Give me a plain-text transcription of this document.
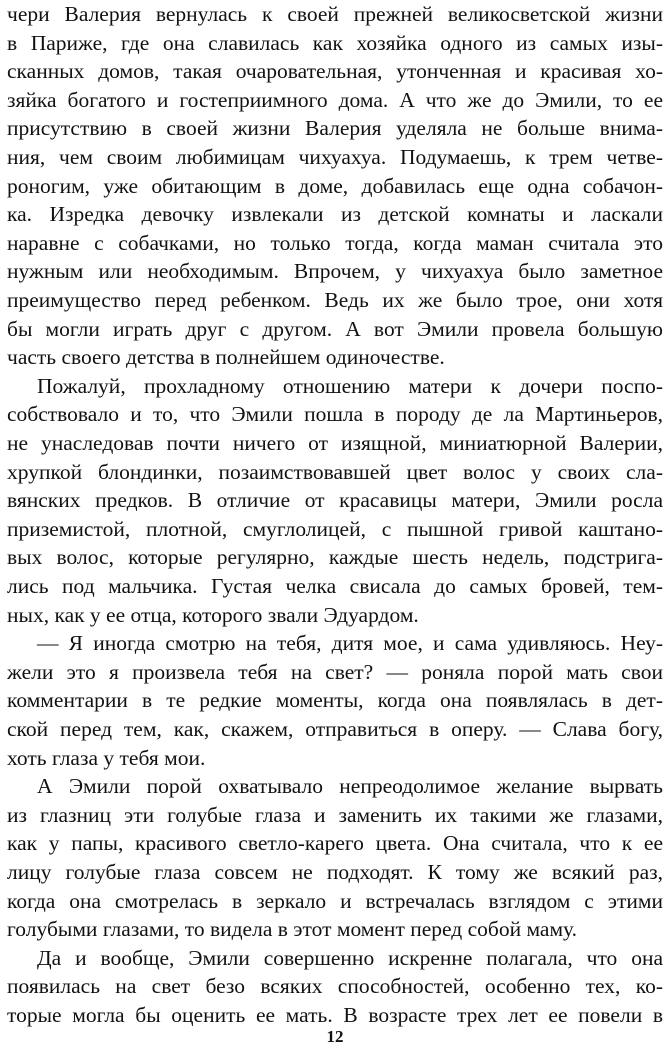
чери Валерия вернулась к своей прежней великосветской жизни
в Париже, где она славилась как хозяйка одного из самых изы-
сканных домов, такая очаровательная, утонченная и красивая хо-
зяйка богатого и гостеприимного дома. А что же до Эмили, то ее
присутствию в своей жизни Валерия уделяла не больше внима-
ния, чем своим любимицам чихуахуа. Подумаешь, к трем четве-
роногим, уже обитающим в доме, добавилась еще одна собачон-
ка. Изредка девочку извлекали из детской комнаты и ласкали
наравне с собачками, но только тогда, когда маман считала это
нужным или необходимым. Впрочем, у чихуахуа было заметное
преимущество перед ребенком. Ведь их же было трое, они хотя
бы могли играть друг с другом. А вот Эмили провела большую
часть своего детства в полнейшем одиночестве.
Пожалуй, прохладному отношению матери к дочери поспо-
собствовало и то, что Эмили пошла в породу де ла Мартиньеров,
не унаследовав почти ничего от изящной, миниатюрной Валерии,
хрупкой блондинки, позаимствовавшей цвет волос у своих сла-
вянских предков. В отличие от красавицы матери, Эмили росла
приземистой, плотной, смуглолицей, с пышной гривой каштано-
вых волос, которые регулярно, каждые шесть недель, подстрига-
лись под мальчика. Густая челка свисала до самых бровей, тем-
ных, как у ее отца, которого звали Эдуардом.
— Я иногда смотрю на тебя, дитя мое, и сама удивляюсь. Неу-
жели это я произвела тебя на свет? — роняла порой мать свои
комментарии в те редкие моменты, когда она появлялась в дет-
ской перед тем, как, скажем, отправиться в оперу. — Слава богу,
хоть глаза у тебя мои.
А Эмили порой охватывало непреодолимое желание вырвать
из глазниц эти голубые глаза и заменить их такими же глазами,
как у папы, красивого светло-карего цвета. Она считала, что к ее
лицу голубые глаза совсем не подходят. К тому же всякий раз,
когда она смотрелась в зеркало и встречалась взглядом с этими
голубыми глазами, то видела в этот момент перед собой маму.
Да и вообще, Эмили совершенно искренне полагала, что она
появилась на свет безо всяких способностей, особенно тех, ко-
торые могла бы оценить ее мать. В возрасте трех лет ее повели в
12
